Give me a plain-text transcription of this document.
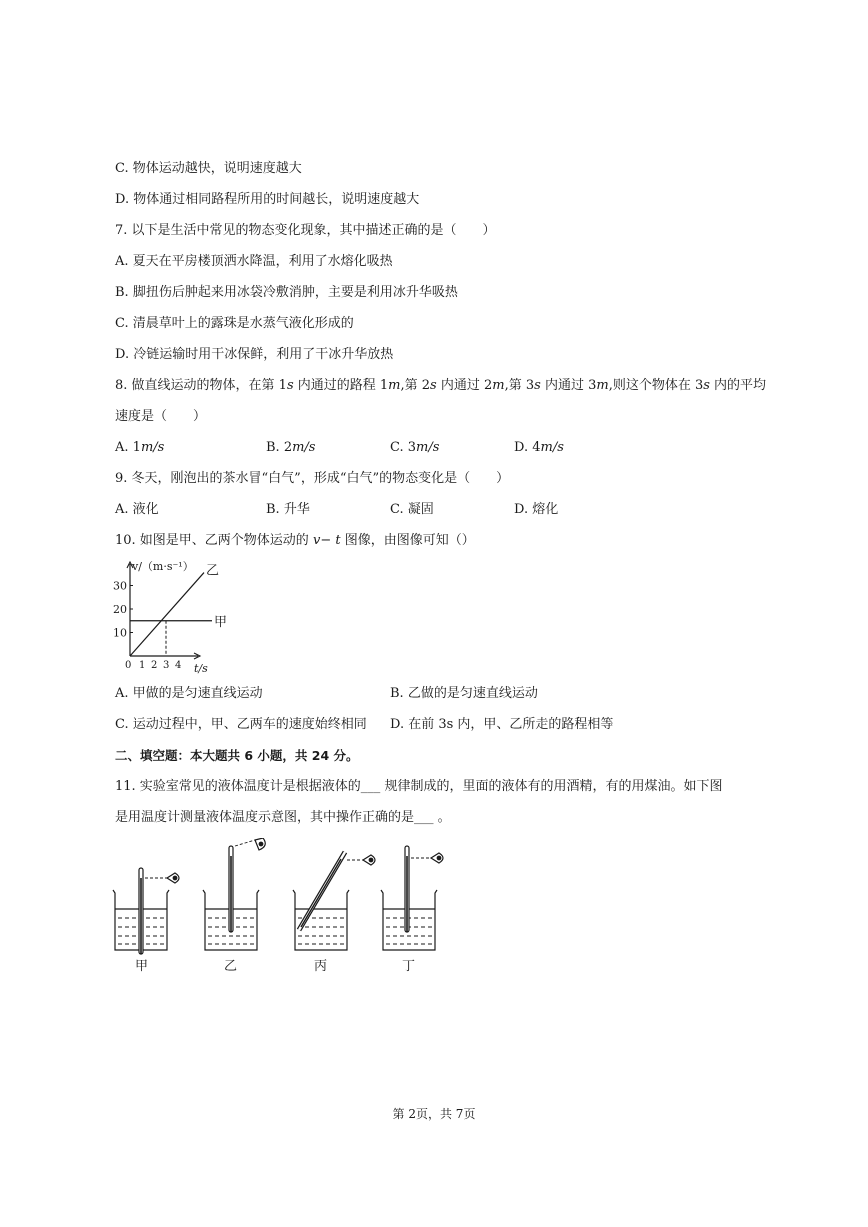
C. 物体运动越快，说明速度越大
D. 物体通过相同路程所用的时间越长，说明速度越大
7. 以下是生活中常见的物态变化现象，其中描述正确的是（　　）
A. 夏天在平房楼顶洒水降温，利用了水熔化吸热
B. 脚扭伤后肿起来用冰袋冷敷消肿，主要是利用冰升华吸热
C. 清晨草叶上的露珠是水蒸气液化形成的
D. 冷链运输时用干冰保鲜，利用了干冰升华放热
8. 做直线运动的物体，在第 1s 内通过的路程 1m,第 2s 内通过 2m,第 3s 内通过 3m,则这个物体在 3s 内的平均
速度是（　　）
A. 1m/s	B. 2m/s	C. 3m/s	D. 4m/s
9. 冬天，刚泡出的茶水冒“白气”，形成“白气”的物态变化是（　　）
A. 液化	B. 升华	C. 凝固	D. 熔化
10. 如图是甲、乙两个物体运动的 v− t 图像，由图像可知（）
10
20
30
0 1 2 3 4
甲
乙
v/（m·s⁻¹）
t/s
A. 甲做的是匀速直线运动	B. 乙做的是匀速直线运动
C. 运动过程中，甲、乙两车的速度始终相同 D. 在前 3s 内，甲、乙所走的路程相等
二、填空题：本大题共 6 小题，共 24 分。
11. 实验室常见的液体温度计是根据液体的___ 规律制成的，里面的液体有的用酒精，有的用煤油。如下图
是用温度计测量液体温度示意图，其中操作正确的是___ 。
甲	乙	丙	丁
第 2页，共 7页
